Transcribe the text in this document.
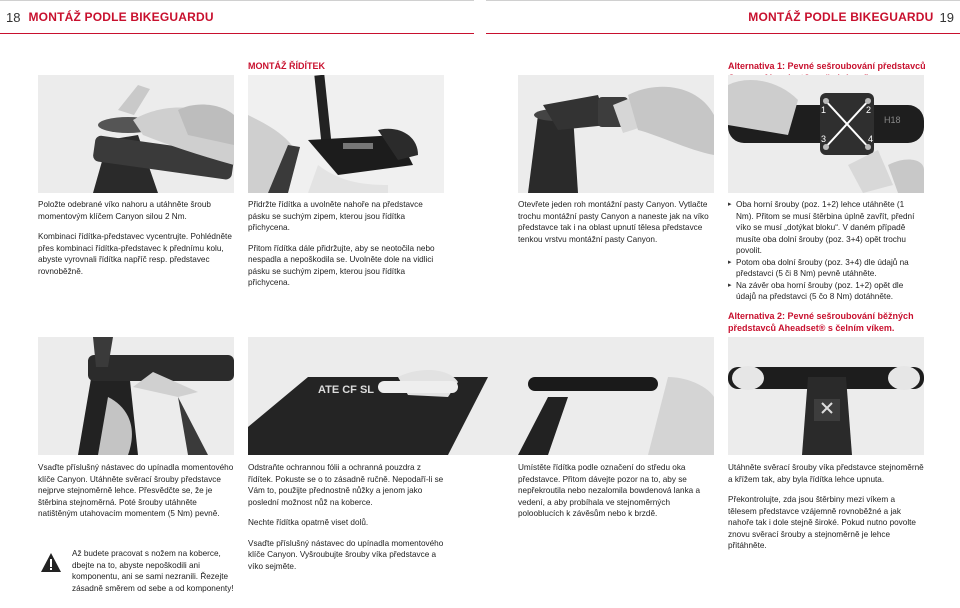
18 MONTÁŽ PODLE BIKEGUARDU	MONTÁŽ PODLE BIKEGUARDU 19
MONTÁŽ ŘÍDÍTEK	Alternativa 1: Pevné sešroubování představců
Alternativa 2: Pevné sešroubování běžných představců Aheadset® s čelním víkem.
1	2
3	4
H18

Položte odebrané víko nahoru a utáhněte šroub momentovým klíčem Canyon silou 2 Nm.

Kombinaci řídítka-představec vycentrujte. Pohlédněte přes kombinaci řídítka-představec k přednímu kolu, abyste vyrovnali řídítka napříč resp. představec rovnoběžně.

Přidržte řídítka a uvolněte nahoře na představce pásku se suchým zipem, kterou jsou řídítka přichycena.

Přitom řídítka dále přidržujte, aby se neotočila nebo nespadla a nepoškodila se. Uvolněte dole na vidlici pásku se suchým zipem, kterou jsou řídítka přichycena.

Otevřete jeden roh montážní pasty Canyon. Vytlačte trochu montážní pasty Canyon a naneste jak na víko představce tak i na oblast upnutí tělesa představce tenkou vrstvu montážní pasty Canyon.

▸ Oba horní šrouby (poz. 1+2) lehce utáhněte (1 Nm). Přitom se musí štěrbina úplně zavřít, přední víko se musí „dotýkat bloku“. V daném případě musíte oba dolní šrouby (poz. 3+4) opět trochu povolit.
▸ Potom oba dolní šrouby (poz. 3+4) dle údajů na představci (5 či 8 Nm) pevně utáhněte.
▸ Na závěr oba horní šrouby (poz. 1+2) opět dle údajů na představci (5 čo 8 Nm) dotáhněte.
ATE CF SL

Vsaďte příslušný nástavec do upínadla momentového klíče Canyon. Utáhněte svěrací šrouby představce nejprve stejnoměrně lehce. Přesvědčte se, že je štěrbina stejnoměrná. Poté šrouby utáhněte natištěným utahovacím momentem (5 Nm) pevně.

Až budete pracovat s nožem na koberce, dbejte na to, abyste nepoškodili ani komponentu, ani se sami nezranili. Řezejte zásadně směrem od sebe a od komponenty!

Odstraňte ochrannou fólii a ochranná pouzdra z řídítek. Pokuste se o to zásadně ručně. Nepodaří-li se Vám to, použijte přednostně nůžky a jenom jako poslední možnost nůž na koberce.

Nechte řídítka opatrně viset dolů.

Vsaďte příslušný nástavec do upínadla momentového klíče Canyon. Vyšroubujte šrouby víka představce a víko sejměte.

Umístěte řídítka podle označení do středu oka představce. Přitom dávejte pozor na to, aby se nepřekroutila nebo nezalomila bowdenová lanka a vedení, a aby probíhala ve stejnoměrných polooblucích k závěsům nebo k brzdě.

Utáhněte svěrací šrouby víka představce stejnoměrně a křížem tak, aby byla řídítka lehce upnuta.

Překontrolujte, zda jsou štěrbiny mezi víkem a tělesem představce vzájemně rovnoběžné a jak nahoře tak i dole stejně široké. Pokud nutno povolte znovu svěrací šrouby a stejnoměrně je lehce přitáhněte.
